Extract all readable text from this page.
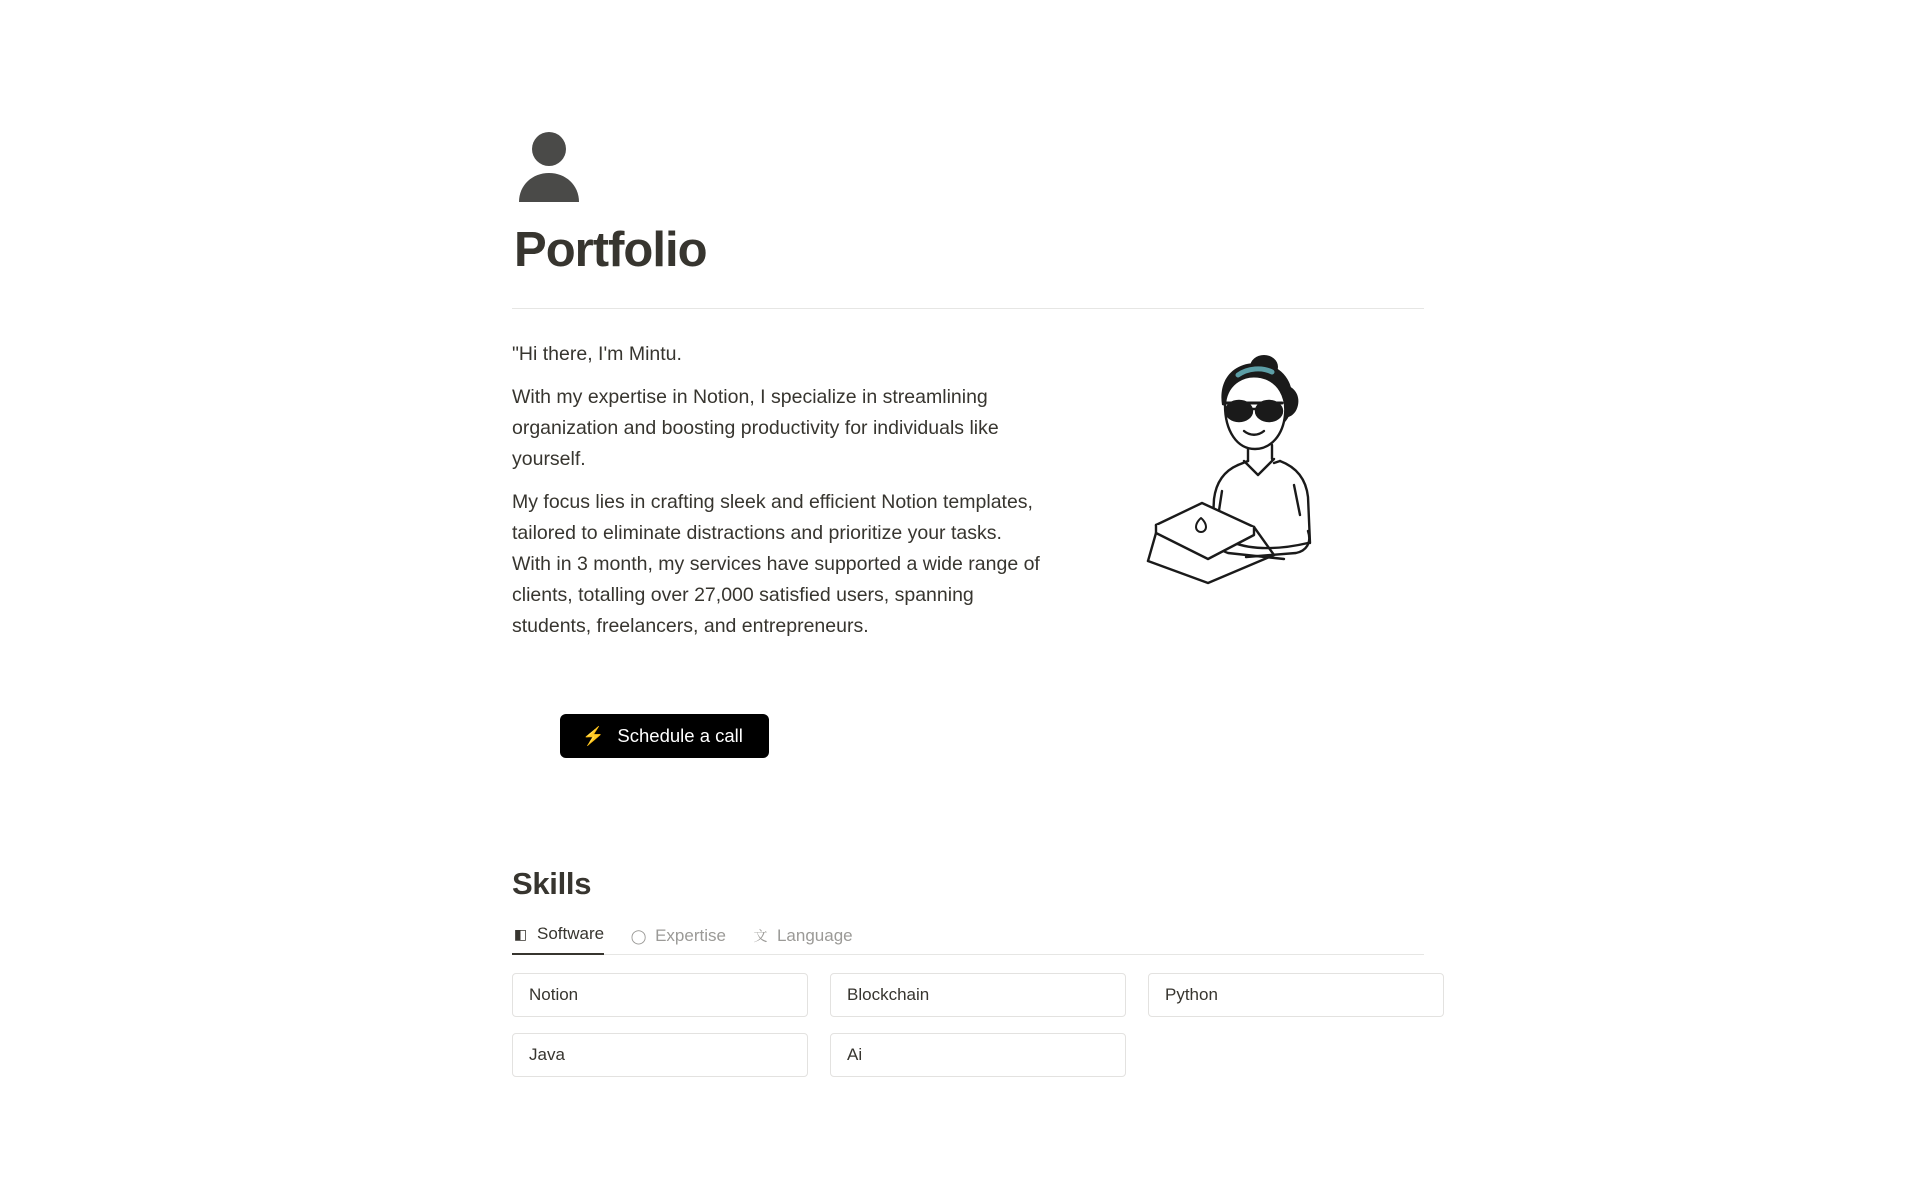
Portfolio

"Hi there, I'm Mintu.

With my expertise in Notion, I specialize in streamlining organization and boosting productivity for individuals like yourself.

My focus lies in crafting sleek and efficient Notion templates, tailored to eliminate distractions and prioritize your tasks. With in 3 month, my services have supported a wide range of clients, totalling over 27,000 satisfied users, spanning students, freelancers, and entrepreneurs.

⚡ Schedule a call
Skills
◧ Software ◯ Expertise 文 Language
Notion	Blockchain	Python
Java	Ai
